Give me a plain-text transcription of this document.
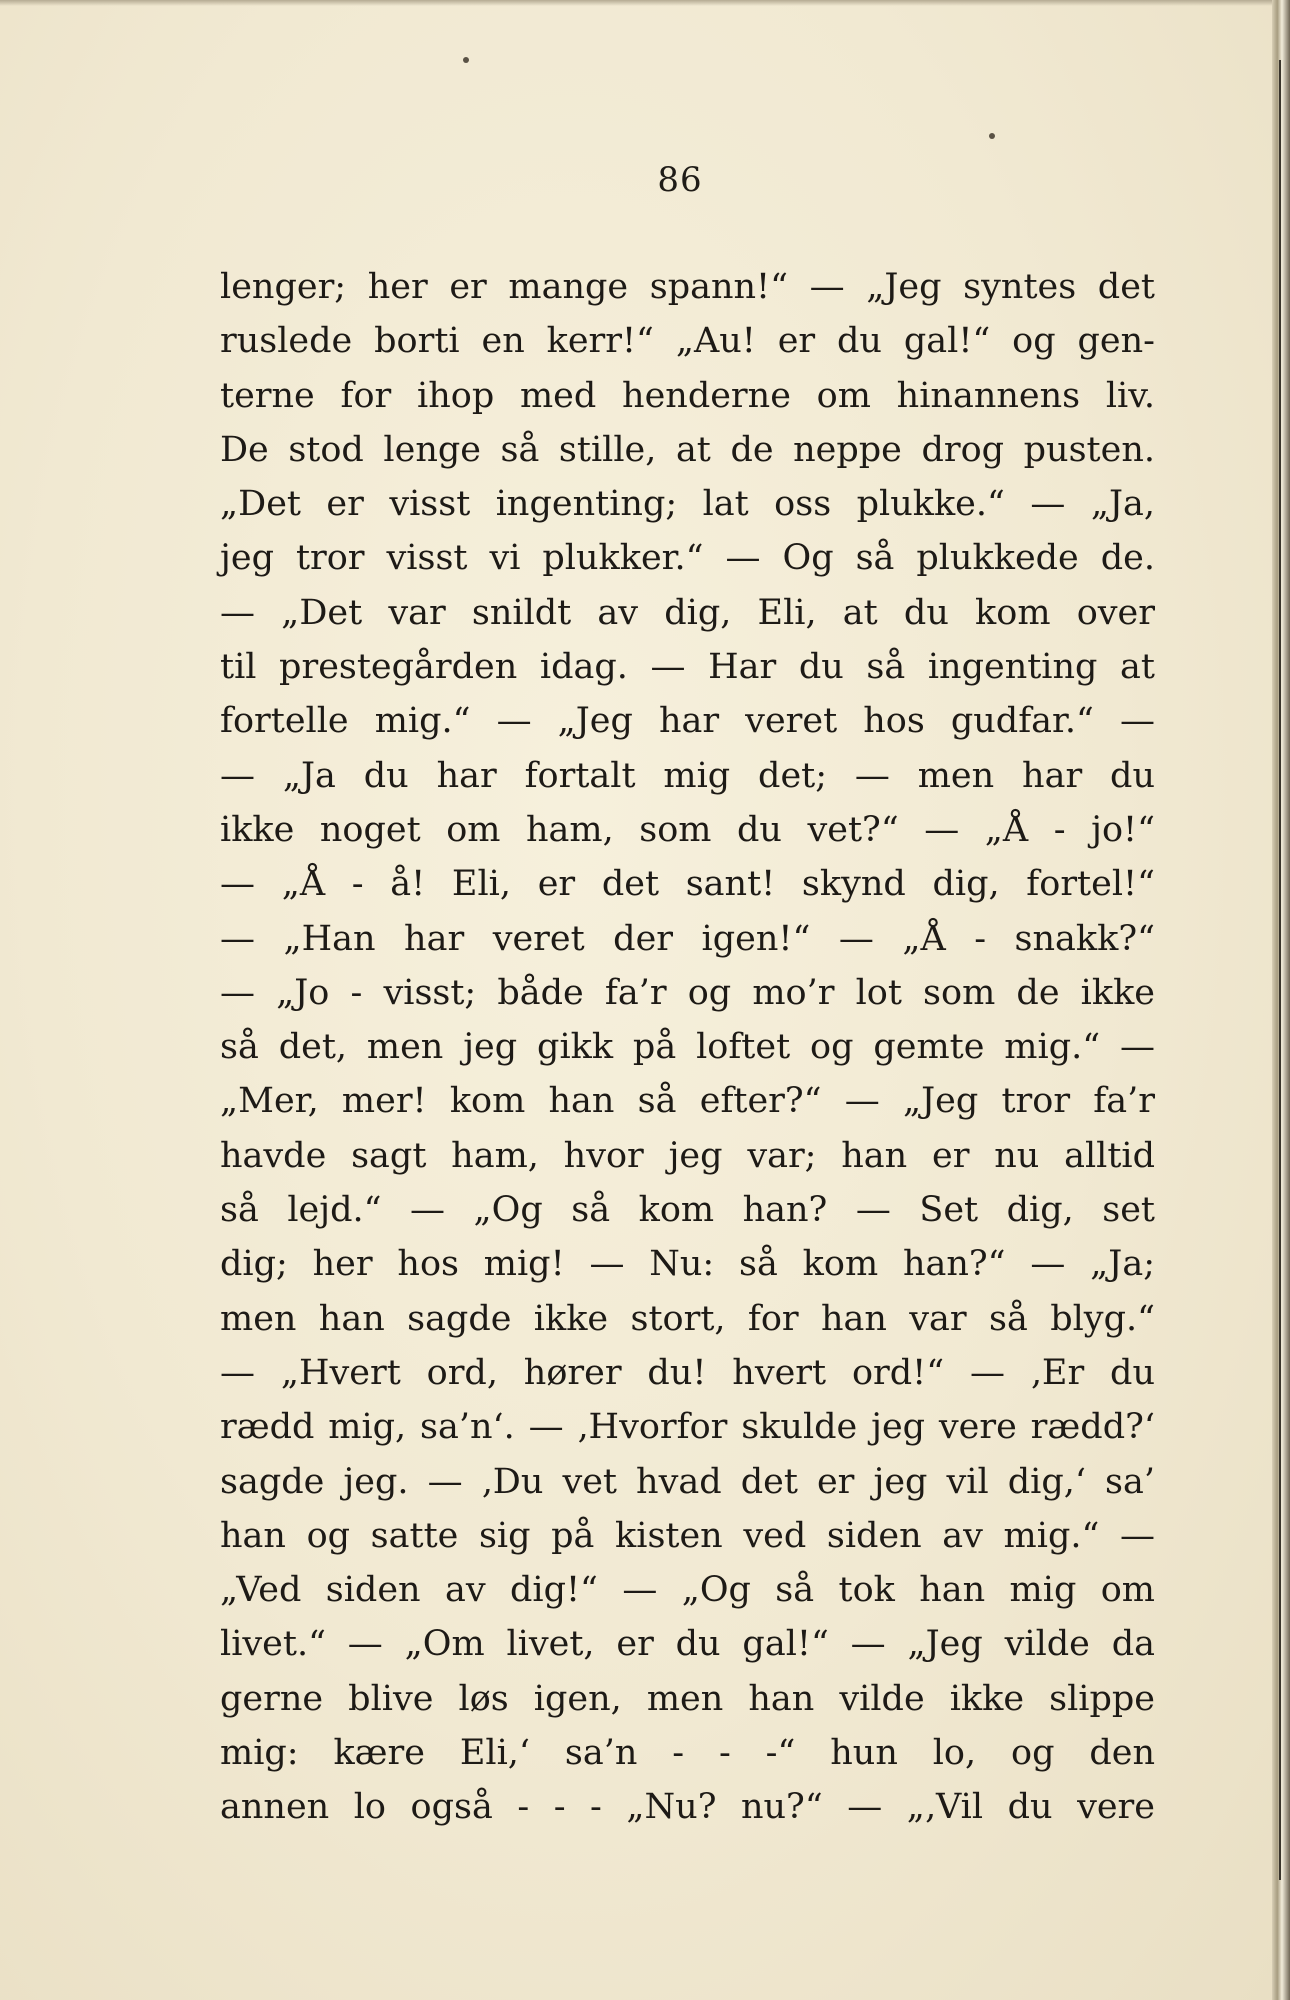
86
lenger; her er mange spann!“ — „Jeg syntes det
ruslede borti en kerr!“ „Au! er du gal!“ og gen-
terne for ihop med henderne om hinannens liv.
De stod lenge så stille, at de neppe drog pusten.
„Det er visst ingenting; lat oss plukke.“ — „Ja,
jeg tror visst vi plukker.“ — Og så plukkede de.
— „Det var snildt av dig, Eli, at du kom over
til prestegården idag. — Har du så ingenting at
fortelle mig.“ — „Jeg har veret hos gudfar.“ —
— „Ja du har fortalt mig det; — men har du
ikke noget om ham, som du vet?“ — „Å - jo!“
— „Å - å! Eli, er det sant! skynd dig, fortel!“
— „Han har veret der igen!“ — „Å - snakk?“
— „Jo - visst; både fa’r og mo’r lot som de ikke
så det, men jeg gikk på loftet og gemte mig.“ —
„Mer, mer! kom han så efter?“ — „Jeg tror fa’r
havde sagt ham, hvor jeg var; han er nu alltid
så lejd.“ — „Og så kom han? — Set dig, set
dig; her hos mig! — Nu: så kom han?“ — „Ja;
men han sagde ikke stort, for han var så blyg.“
— „Hvert ord, hører du! hvert ord!“ — ‚Er du
rædd mig, sa’n‘. — ‚Hvorfor skulde jeg vere rædd?‘
sagde jeg. — ‚Du vet hvad det er jeg vil dig,‘ sa’
han og satte sig på kisten ved siden av mig.“ —
„Ved siden av dig!“ — „Og så tok han mig om
livet.“ — „Om livet, er du gal!“ — „Jeg vilde da
gerne blive løs igen, men han vilde ikke slippe
mig: kære Eli,‘ sa’n - - -“ hun lo, og den
annen lo også - - - „Nu? nu?“ — „‚Vil du vere
